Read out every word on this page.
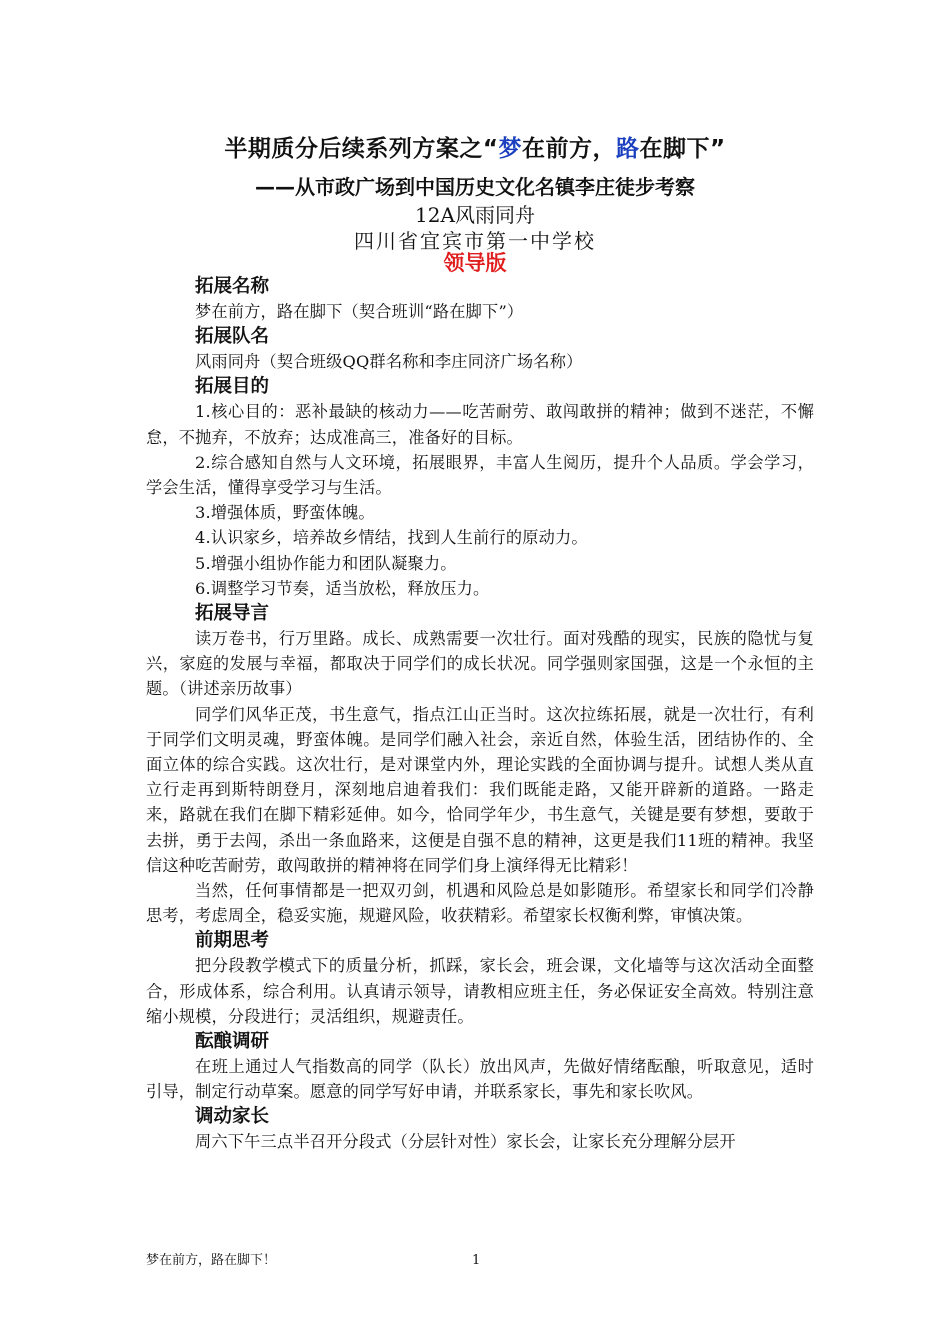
半期质分后续系列方案之“梦在前方，路在脚下”
——从市政广场到中国历史文化名镇李庄徒步考察
12A风雨同舟
四川省宜宾市第一中学校
领导版
拓展名称

梦在前方，路在脚下（契合班训“路在脚下”）

拓展队名

风雨同舟（契合班级QQ群名称和李庄同济广场名称）

拓展目的

1.核心目的：恶补最缺的核动力——吃苦耐劳、敢闯敢拼的精神；做到不迷茫，不懈怠，不抛弃，不放弃；达成准高三，准备好的目标。

2.综合感知自然与人文环境，拓展眼界，丰富人生阅历，提升个人品质。学会学习，学会生活，懂得享受学习与生活。

3.增强体质，野蛮体魄。

4.认识家乡，培养故乡情结，找到人生前行的原动力。

5.增强小组协作能力和团队凝聚力。

6.调整学习节奏，适当放松，释放压力。

拓展导言

读万卷书，行万里路。成长、成熟需要一次壮行。面对残酷的现实，民族的隐忧与复兴，家庭的发展与幸福，都取决于同学们的成长状况。同学强则家国强，这是一个永恒的主题。（讲述亲历故事）

同学们风华正茂，书生意气，指点江山正当时。这次拉练拓展，就是一次壮行，有利于同学们文明灵魂，野蛮体魄。是同学们融入社会，亲近自然，体验生活，团结协作的、全面立体的综合实践。这次壮行，是对课堂内外，理论实践的全面协调与提升。试想人类从直立行走再到斯特朗登月，深刻地启迪着我们：我们既能走路，又能开辟新的道路。一路走来，路就在我们在脚下精彩延伸。如今，恰同学年少，书生意气，关键是要有梦想，要敢于去拼，勇于去闯，杀出一条血路来，这便是自强不息的精神，这更是我们11班的精神。我坚信这种吃苦耐劳，敢闯敢拼的精神将在同学们身上演绎得无比精彩！

当然，任何事情都是一把双刃剑，机遇和风险总是如影随形。希望家长和同学们冷静思考，考虑周全，稳妥实施，规避风险，收获精彩。希望家长权衡利弊，审慎决策。

前期思考

把分段教学模式下的质量分析，抓踩，家长会，班会课，文化墙等与这次活动全面整合，形成体系，综合利用。认真请示领导，请教相应班主任，务必保证安全高效。特别注意缩小规模，分段进行；灵活组织，规避责任。

酝酿调研

在班上通过人气指数高的同学（队长）放出风声，先做好情绪酝酿，听取意见，适时引导，制定行动草案。愿意的同学写好申请，并联系家长，事先和家长吹风。

调动家长

周六下午三点半召开分段式（分层针对性）家长会，让家长充分理解分层开

梦在前方，路在脚下！	1
